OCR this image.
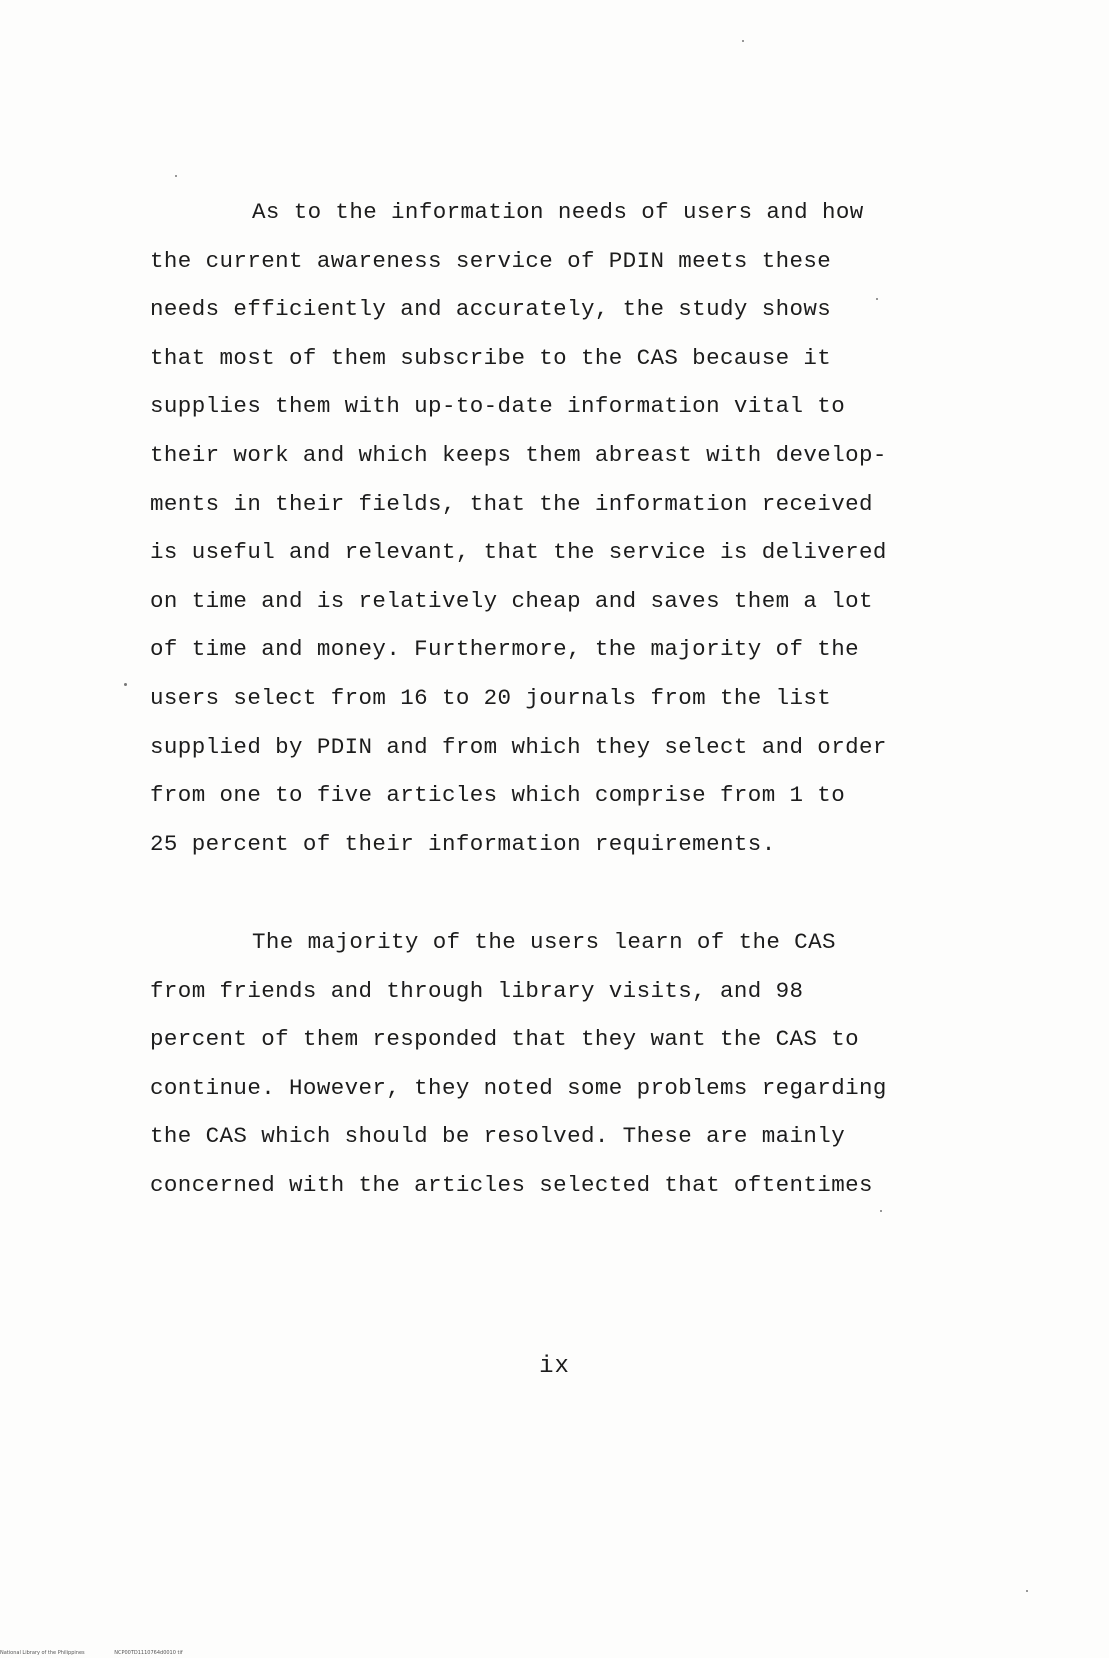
As to the information needs of users and how
the current awareness service of PDIN meets these
needs efficiently and accurately, the study shows
that most of them subscribe to the CAS because it
supplies them with up-to-date information vital to
their work and which keeps them abreast with develop-
ments in their fields, that the information received
is useful and relevant, that the service is delivered
on time and is relatively cheap and saves them a lot
of time and money. Furthermore, the majority of the
users select from 16 to 20 journals from the list
supplied by PDIN and from which they select and order
from one to five articles which comprise from 1 to
25 percent of their information requirements.
The majority of the users learn of the CAS
from friends and through library visits, and 98
percent of them responded that they want the CAS to
continue. However, they noted some problems regarding
the CAS which should be resolved. These are mainly
concerned with the articles selected that oftentimes
ix
National Library of the Philippines	NCP00TD1110764d0010 tif
